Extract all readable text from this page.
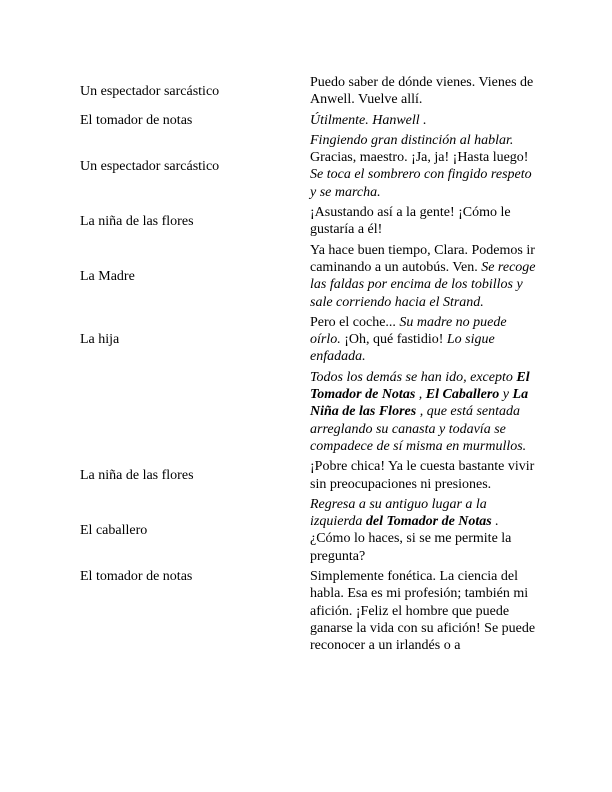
Un espectador sarcástico	Puedo saber de dónde vienes. Vienes de Anwell. Vuelve allí.
El tomador de notas	Útilmente. Hanwell .
Un espectador sarcástico	Fingiendo gran distinción al hablar. Gracias, maestro. ¡Ja, ja! ¡Hasta luego! Se toca el sombrero con fingido respeto y se marcha.
La niña de las flores	¡Asustando así a la gente! ¡Cómo le gustaría a él!
La Madre	Ya hace buen tiempo, Clara. Podemos ir caminando a un autobús. Ven. Se recoge las faldas por encima de los tobillos y sale corriendo hacia el Strand.
La hija	Pero el coche... Su madre no puede oírlo. ¡Oh, qué fastidio! Lo sigue enfadada.
	Todos los demás se han ido, excepto El Tomador de Notas , El Caballero y La Niña de las Flores , que está sentada arreglando su canasta y todavía se compadece de sí misma en murmullos.
La niña de las flores	¡Pobre chica! Ya le cuesta bastante vivir sin preocupaciones ni presiones.
El caballero	Regresa a su antiguo lugar a la izquierda del Tomador de Notas . ¿Cómo lo haces, si se me permite la pregunta?
El tomador de notas	Simplemente fonética. La ciencia del habla. Esa es mi profesión; también mi afición. ¡Feliz el hombre que puede ganarse la vida con su afición! Se puede reconocer a un irlandés o a
